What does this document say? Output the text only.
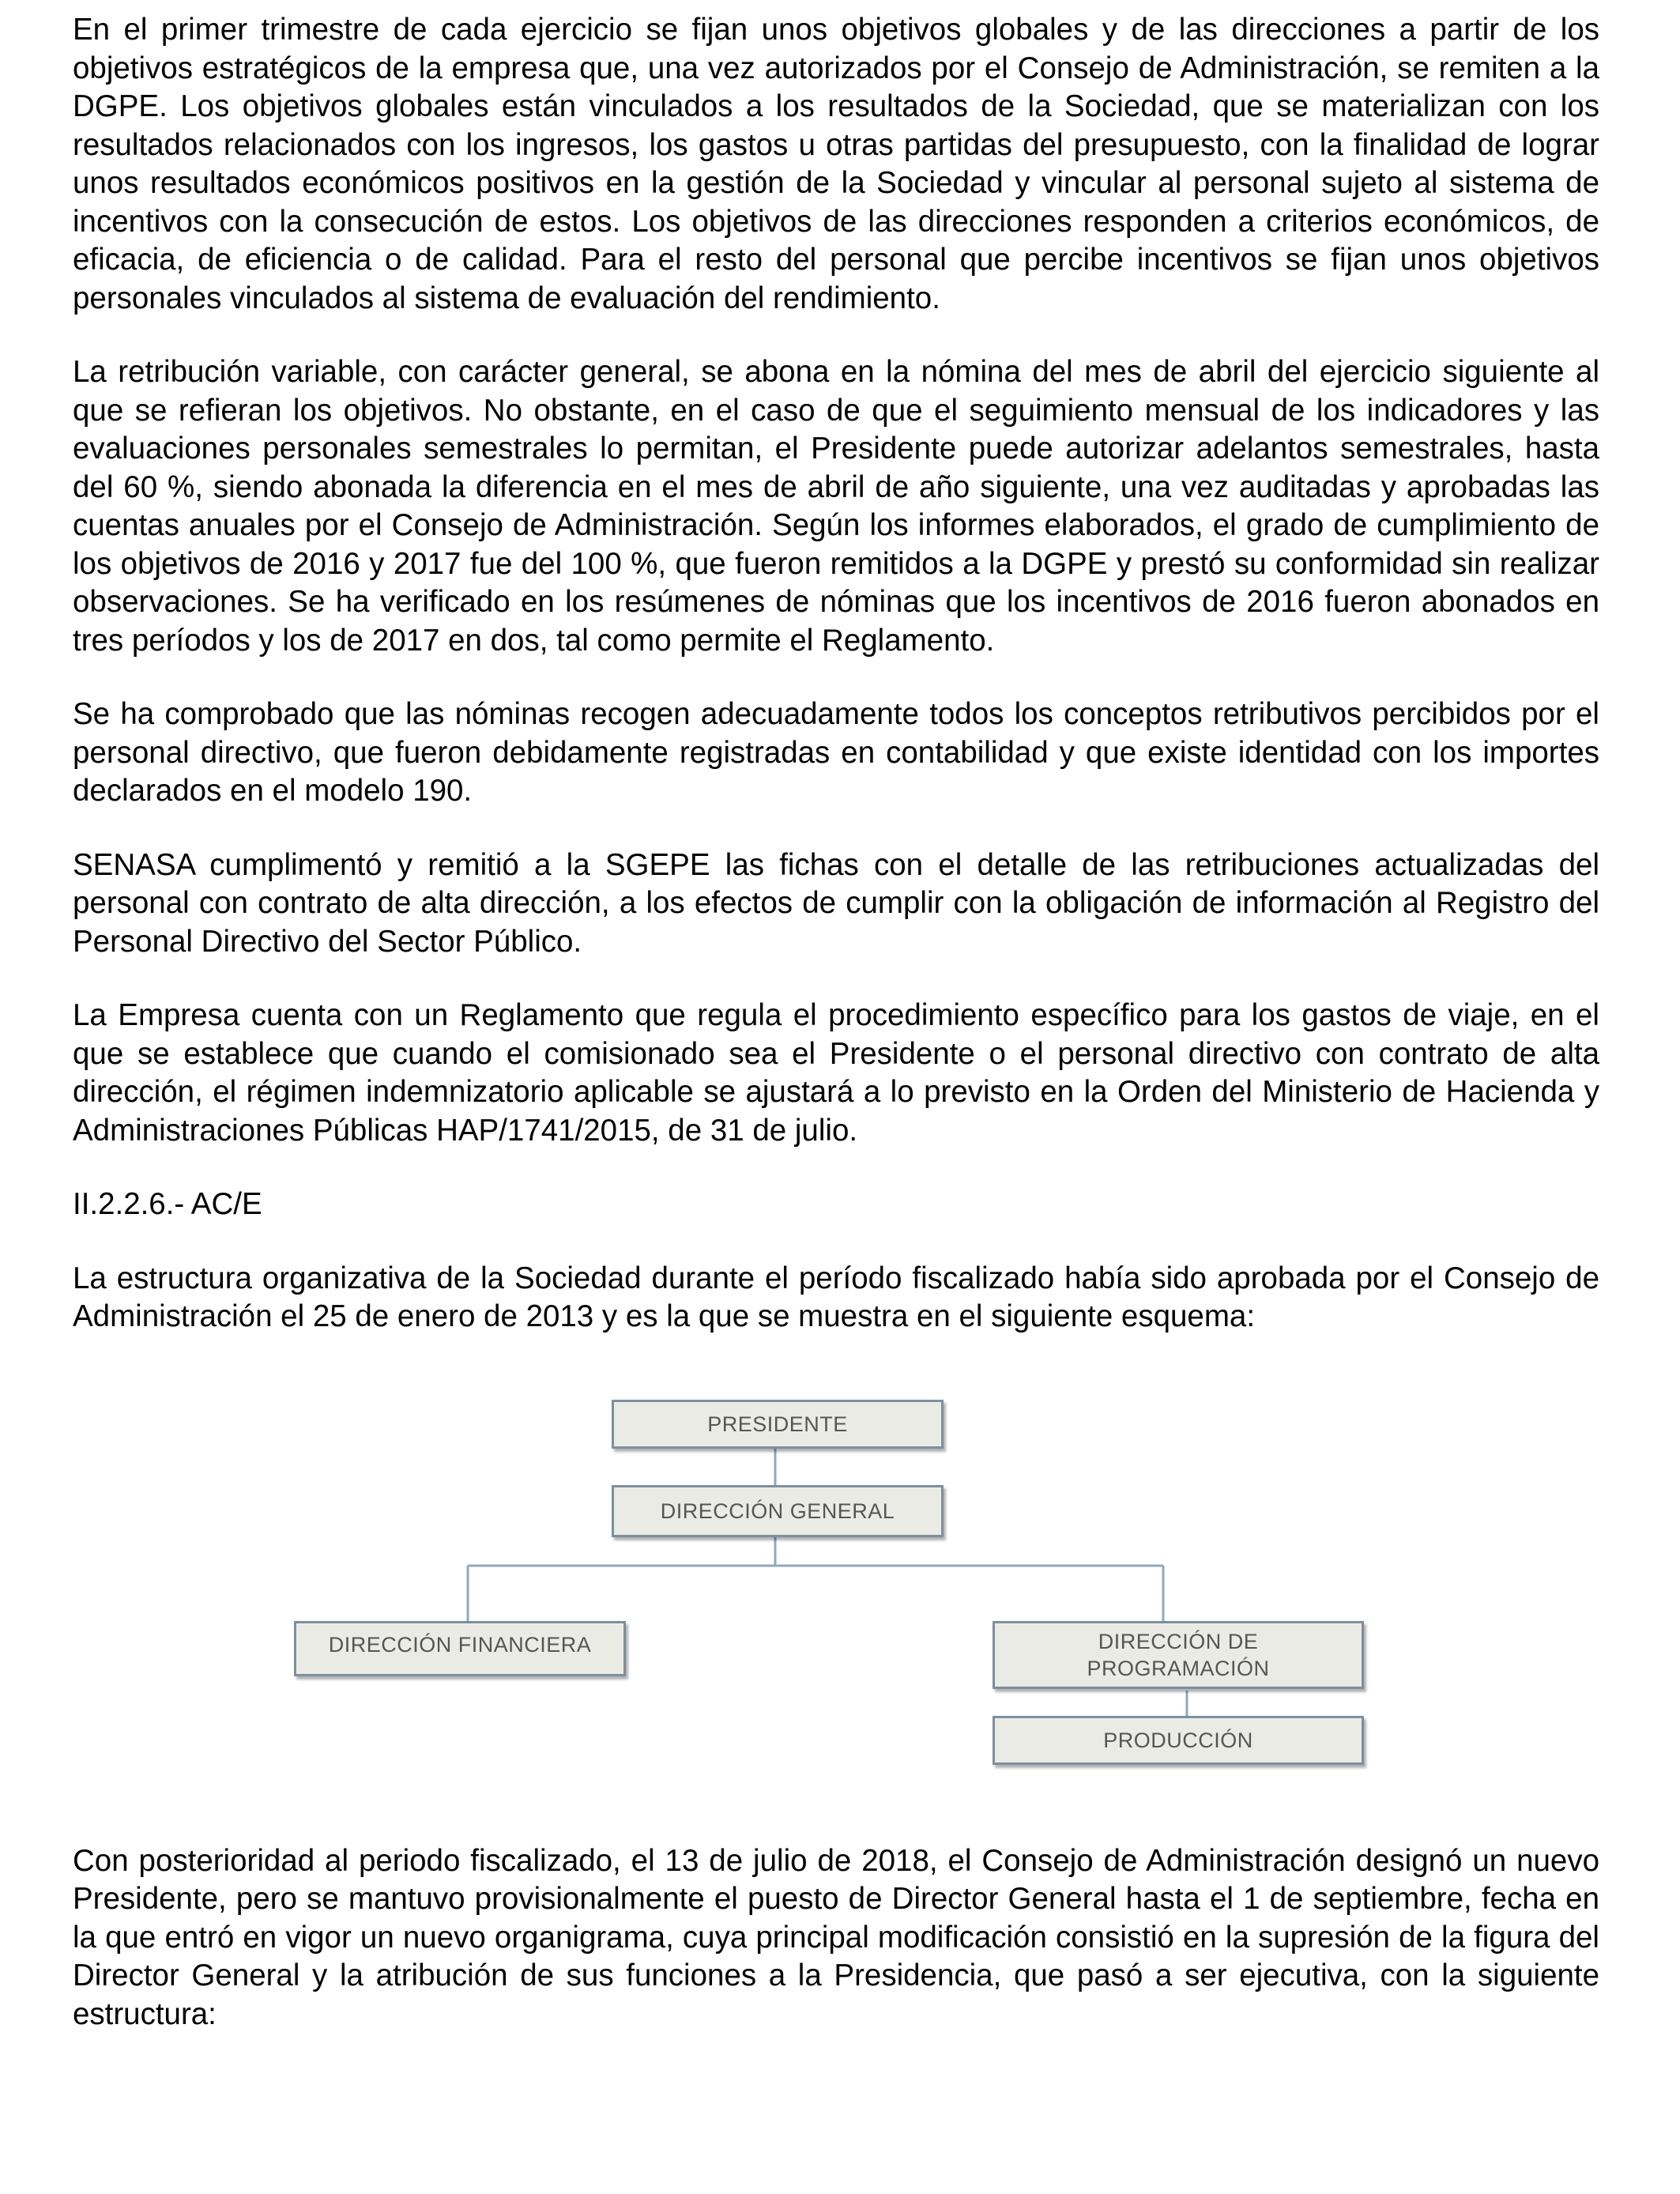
En el primer trimestre de cada ejercicio se fijan unos objetivos globales y de las direcciones a partir de los objetivos estratégicos de la empresa que, una vez autorizados por el Consejo de Administración, se remiten a la DGPE. Los objetivos globales están vinculados a los resultados de la Sociedad, que se materializan con los resultados relacionados con los ingresos, los gastos u otras partidas del presupuesto, con la finalidad de lograr unos resultados económicos positivos en la gestión de la Sociedad y vincular al personal sujeto al sistema de incentivos con la consecución de estos. Los objetivos de las direcciones responden a criterios económicos, de eficacia, de eficiencia o de calidad. Para el resto del personal que percibe incentivos se fijan unos objetivos personales vinculados al sistema de evaluación del rendimiento.

La retribución variable, con carácter general, se abona en la nómina del mes de abril del ejercicio siguiente al que se refieran los objetivos. No obstante, en el caso de que el seguimiento mensual de los indicadores y las evaluaciones personales semestrales lo permitan, el Presidente puede autorizar adelantos semestrales, hasta del 60 %, siendo abonada la diferencia en el mes de abril de año siguiente, una vez auditadas y aprobadas las cuentas anuales por el Consejo de Administración. Según los informes elaborados, el grado de cumplimiento de los objetivos de 2016 y 2017 fue del 100 %, que fueron remitidos a la DGPE y prestó su conformidad sin realizar observaciones. Se ha verificado en los resúmenes de nóminas que los incentivos de 2016 fueron abonados en tres períodos y los de 2017 en dos, tal como permite el Reglamento.

Se ha comprobado que las nóminas recogen adecuadamente todos los conceptos retributivos percibidos por el personal directivo, que fueron debidamente registradas en contabilidad y que existe identidad con los importes declarados en el modelo 190.

SENASA cumplimentó y remitió a la SGEPE las fichas con el detalle de las retribuciones actualizadas del personal con contrato de alta dirección, a los efectos de cumplir con la obligación de información al Registro del Personal Directivo del Sector Público.

La Empresa cuenta con un Reglamento que regula el procedimiento específico para los gastos de viaje, en el que se establece que cuando el comisionado sea el Presidente o el personal directivo con contrato de alta dirección, el régimen indemnizatorio aplicable se ajustará a lo previsto en la Orden del Ministerio de Hacienda y Administraciones Públicas HAP/1741/2015, de 31 de julio.

II.2.2.6.- AC/E

La estructura organizativa de la Sociedad durante el período fiscalizado había sido aprobada por el Consejo de Administración el 25 de enero de 2013 y es la que se muestra en el siguiente esquema:

PRESIDENTE
DIRECCIÓN GENERAL
DIRECCIÓN FINANCIERA	DIRECCIÓN DE
PROGRAMACIÓN
PRODUCCIÓN

Con posterioridad al periodo fiscalizado, el 13 de julio de 2018, el Consejo de Administración designó un nuevo Presidente, pero se mantuvo provisionalmente el puesto de Director General hasta el 1 de septiembre, fecha en la que entró en vigor un nuevo organigrama, cuya principal modificación consistió en la supresión de la figura del Director General y la atribución de sus funciones a la Presidencia, que pasó a ser ejecutiva, con la siguiente estructura:
